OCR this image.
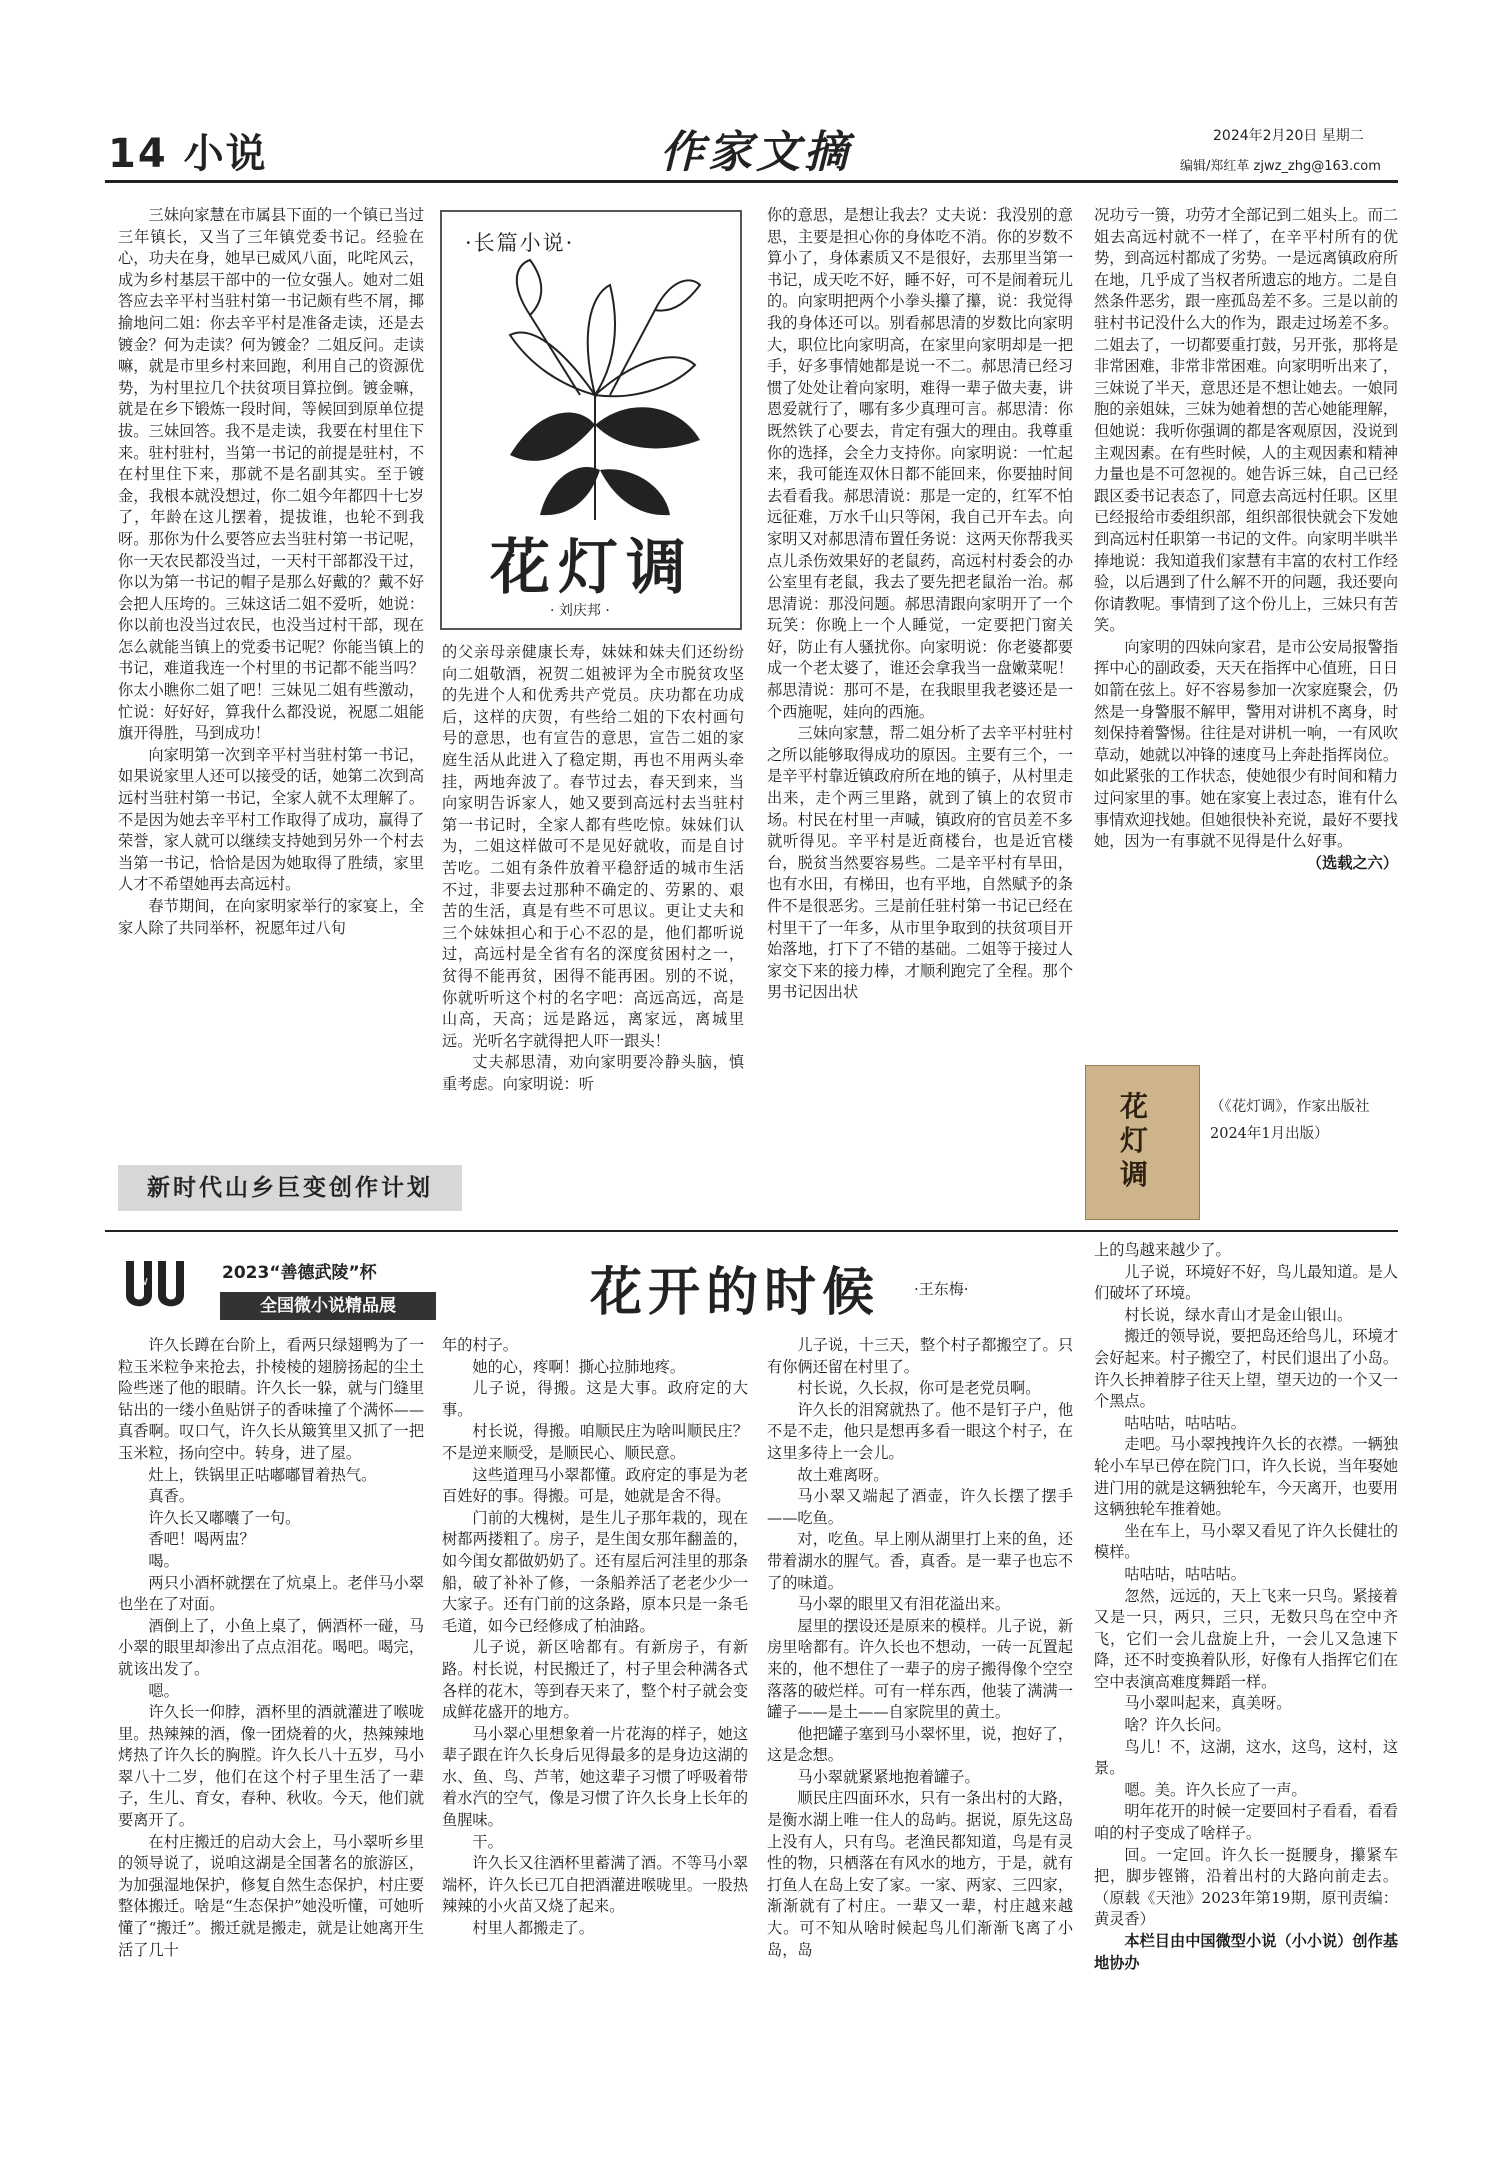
14 小说	作家文摘	2024年2月20日 星期二
编辑/郑红革 zjwz_zhg@163.com
·长篇小说·
花灯调
· 刘庆邦 ·

三妹向家慧在市属县下面的一个镇已当过三年镇长，又当了三年镇党委书记。经验在心，功夫在身，她早已威风八面，叱咤风云，成为乡村基层干部中的一位女强人。她对二姐答应去辛平村当驻村第一书记颇有些不屑，揶揄地问二姐：你去辛平村是准备走读，还是去镀金？何为走读？何为镀金？二姐反问。走读嘛，就是市里乡村来回跑，利用自己的资源优势，为村里拉几个扶贫项目算拉倒。镀金嘛，就是在乡下锻炼一段时间，等候回到原单位提拔。三妹回答。我不是走读，我要在村里住下来。驻村驻村，当第一书记的前提是驻村，不在村里住下来，那就不是名副其实。至于镀金，我根本就没想过，你二姐今年都四十七岁了，年龄在这儿摆着，提拔谁，也轮不到我呀。那你为什么要答应去当驻村第一书记呢，你一天农民都没当过，一天村干部都没干过，你以为第一书记的帽子是那么好戴的？戴不好会把人压垮的。三妹这话二姐不爱听，她说：你以前也没当过农民，也没当过村干部，现在怎么就能当镇上的党委书记呢？你能当镇上的书记，难道我连一个村里的书记都不能当吗？你太小瞧你二姐了吧！三妹见二姐有些激动，忙说：好好好，算我什么都没说，祝愿二姐能旗开得胜，马到成功！

向家明第一次到辛平村当驻村第一书记，如果说家里人还可以接受的话，她第二次到高远村当驻村第一书记，全家人就不太理解了。不是因为她去辛平村工作取得了成功，赢得了荣誉，家人就可以继续支持她到另外一个村去当第一书记，恰恰是因为她取得了胜绩，家里人才不希望她再去高远村。

春节期间，在向家明家举行的家宴上，全家人除了共同举杯，祝愿年过八旬

新时代山乡巨变创作计划

的父亲母亲健康长寿，妹妹和妹夫们还纷纷向二姐敬酒，祝贺二姐被评为全市脱贫攻坚的先进个人和优秀共产党员。庆功都在功成后，这样的庆贺，有些给二姐的下农村画句号的意思，也有宣告的意思，宣告二姐的家庭生活从此进入了稳定期，再也不用两头牵挂，两地奔波了。春节过去，春天到来，当向家明告诉家人，她又要到高远村去当驻村第一书记时，全家人都有些吃惊。妹妹们认为，二姐这样做可不是见好就收，而是自讨苦吃。二姐有条件放着平稳舒适的城市生活不过，非要去过那种不确定的、劳累的、艰苦的生活，真是有些不可思议。更让丈夫和三个妹妹担心和于心不忍的是，他们都听说过，高远村是全省有名的深度贫困村之一，贫得不能再贫，困得不能再困。别的不说，你就听听这个村的名字吧：高远高远，高是山高，天高；远是路远，离家远，离城里远。光听名字就得把人吓一跟头！

丈夫郝思清，劝向家明要冷静头脑，慎重考虑。向家明说：听

你的意思，是想让我去？丈夫说：我没别的意思，主要是担心你的身体吃不消。你的岁数不算小了，身体素质又不是很好，去那里当第一书记，成天吃不好，睡不好，可不是闹着玩儿的。向家明把两个小拳头攥了攥，说：我觉得我的身体还可以。别看郝思清的岁数比向家明大，职位比向家明高，在家里向家明却是一把手，好多事情她都是说一不二。郝思清已经习惯了处处让着向家明，难得一辈子做夫妻，讲恩爱就行了，哪有多少真理可言。郝思清：你既然铁了心要去，肯定有强大的理由。我尊重你的选择，会全力支持你。向家明说：一忙起来，我可能连双休日都不能回来，你要抽时间去看看我。郝思清说：那是一定的，红军不怕远征难，万水千山只等闲，我自己开车去。向家明又对郝思清布置任务说：这两天你帮我买点儿杀伤效果好的老鼠药，高远村村委会的办公室里有老鼠，我去了要先把老鼠治一治。郝思清说：那没问题。郝思清跟向家明开了一个玩笑：你晚上一个人睡觉，一定要把门窗关好，防止有人骚扰你。向家明说：你老婆都要成一个老太婆了，谁还会拿我当一盘嫩菜呢！郝思清说：那可不是，在我眼里我老婆还是一个西施呢，娃向的西施。

三妹向家慧，帮二姐分析了去辛平村驻村之所以能够取得成功的原因。主要有三个，一是辛平村靠近镇政府所在地的镇子，从村里走出来，走个两三里路，就到了镇上的农贸市场。村民在村里一声喊，镇政府的官员差不多就听得见。辛平村是近商楼台，也是近官楼台，脱贫当然要容易些。二是辛平村有旱田，也有水田，有梯田，也有平地，自然赋予的条件不是很恶劣。三是前任驻村第一书记已经在村里干了一年多，从市里争取到的扶贫项目开始落地，打下了不错的基础。二姐等于接过人家交下来的接力棒，才顺利跑完了全程。那个男书记因出状

况功亏一篑，功劳才全部记到二姐头上。而二姐去高远村就不一样了，在辛平村所有的优势，到高远村都成了劣势。一是远离镇政府所在地，几乎成了当权者所遗忘的地方。二是自然条件恶劣，跟一座孤岛差不多。三是以前的驻村书记没什么大的作为，跟走过场差不多。二姐去了，一切都要重打鼓，另开张，那将是非常困难，非常非常困难。向家明听出来了，三妹说了半天，意思还是不想让她去。一娘同胞的亲姐妹，三妹为她着想的苦心她能理解，但她说：我听你强调的都是客观原因，没说到主观因素。在有些时候，人的主观因素和精神力量也是不可忽视的。她告诉三妹，自己已经跟区委书记表态了，同意去高远村任职。区里已经报给市委组织部，组织部很快就会下发她到高远村任职第一书记的文件。向家明半哄半捧地说：我知道我们家慧有丰富的农村工作经验，以后遇到了什么解不开的问题，我还要向你请教呢。事情到了这个份儿上，三妹只有苦笑。

向家明的四妹向家君，是市公安局报警指挥中心的副政委，天天在指挥中心值班，日日如箭在弦上。好不容易参加一次家庭聚会，仍然是一身警服不解甲，警用对讲机不离身，时刻保持着警惕。往往是对讲机一响，一有风吹草动，她就以冲锋的速度马上奔赴指挥岗位。如此紧张的工作状态，使她很少有时间和精力过问家里的事。她在家宴上表过态，谁有什么事情欢迎找她。但她很快补充说，最好不要找她，因为一有事就不见得是什么好事。

（选载之六）

花灯调
（《花灯调》，作家出版社2024年1月出版）
W	2023“善德武陵”杯
全国微小说精品展	花开的时候 ·王东梅·

许久长蹲在台阶上，看两只绿翅鸭为了一粒玉米粒争来抢去，扑棱棱的翅膀扬起的尘土险些迷了他的眼睛。许久长一躲，就与门缝里钻出的一缕小鱼贴饼子的香味撞了个满怀——真香啊。叹口气，许久长从簸箕里又抓了一把玉米粒，扬向空中。转身，进了屋。

灶上，铁锅里正咕嘟嘟冒着热气。

真香。

许久长又嘟囔了一句。

香吧！喝两盅？

喝。

两只小酒杯就摆在了炕桌上。老伴马小翠也坐在了对面。

酒倒上了，小鱼上桌了，俩酒杯一碰，马小翠的眼里却渗出了点点泪花。喝吧。喝完，就该出发了。

嗯。

许久长一仰脖，酒杯里的酒就灌进了喉咙里。热辣辣的酒，像一团烧着的火，热辣辣地烤热了许久长的胸膛。许久长八十五岁，马小翠八十二岁，他们在这个村子里生活了一辈子，生儿、育女，春种、秋收。今天，他们就要离开了。

在村庄搬迁的启动大会上，马小翠听乡里的领导说了，说咱这湖是全国著名的旅游区，为加强湿地保护，修复自然生态保护，村庄要整体搬迁。啥是“生态保护”她没听懂，可她听懂了“搬迁”。搬迁就是搬走，就是让她离开生活了几十

年的村子。

她的心，疼啊！撕心拉肺地疼。

儿子说，得搬。这是大事。政府定的大事。

村长说，得搬。咱顺民庄为啥叫顺民庄？不是逆来顺受，是顺民心、顺民意。

这些道理马小翠都懂。政府定的事是为老百姓好的事。得搬。可是，她就是舍不得。

门前的大槐树，是生儿子那年栽的，现在树都两搂粗了。房子，是生闺女那年翻盖的，如今闺女都做奶奶了。还有屋后河洼里的那条船，破了补补了修，一条船养活了老老少少一大家子。还有门前的这条路，原本只是一条毛毛道，如今已经修成了柏油路。

儿子说，新区啥都有。有新房子，有新路。村长说，村民搬迁了，村子里会种满各式各样的花木，等到春天来了，整个村子就会变成鲜花盛开的地方。

马小翠心里想象着一片花海的样子，她这辈子跟在许久长身后见得最多的是身边这湖的水、鱼、鸟、芦苇，她这辈子习惯了呼吸着带着水汽的空气，像是习惯了许久长身上长年的鱼腥味。

干。

许久长又往酒杯里蓄满了酒。不等马小翠端杯，许久长已兀自把酒灌进喉咙里。一股热辣辣的小火苗又烧了起来。

村里人都搬走了。

儿子说，十三天，整个村子都搬空了。只有你俩还留在村里了。

村长说，久长叔，你可是老党员啊。

许久长的泪窝就热了。他不是钉子户，他不是不走，他只是想再多看一眼这个村子，在这里多待上一会儿。

故土难离呀。

马小翠又端起了酒壶，许久长摆了摆手——吃鱼。

对，吃鱼。早上刚从湖里打上来的鱼，还带着湖水的腥气。香，真香。是一辈子也忘不了的味道。

马小翠的眼里又有泪花溢出来。

屋里的摆设还是原来的模样。儿子说，新房里啥都有。许久长也不想动，一砖一瓦置起来的，他不想住了一辈子的房子搬得像个空空落落的破烂样。可有一样东西，他装了满满一罐子——是土——自家院里的黄土。

他把罐子塞到马小翠怀里，说，抱好了，这是念想。

马小翠就紧紧地抱着罐子。

顺民庄四面环水，只有一条出村的大路，是衡水湖上唯一住人的岛屿。据说，原先这岛上没有人，只有鸟。老渔民都知道，鸟是有灵性的物，只栖落在有风水的地方，于是，就有打鱼人在岛上安了家。一家、两家、三四家，渐渐就有了村庄。一辈又一辈，村庄越来越大。可不知从啥时候起鸟儿们渐渐飞离了小岛，岛

上的鸟越来越少了。

儿子说，环境好不好，鸟儿最知道。是人们破坏了环境。

村长说，绿水青山才是金山银山。

搬迁的领导说，要把岛还给鸟儿，环境才会好起来。村子搬空了，村民们退出了小岛。许久长抻着脖子往天上望，望天边的一个又一个黑点。

咕咕咕，咕咕咕。

走吧。马小翠拽拽许久长的衣襟。一辆独轮小车早已停在院门口，许久长说，当年娶她进门用的就是这辆独轮车，今天离开，也要用这辆独轮车推着她。

坐在车上，马小翠又看见了许久长健壮的模样。

咕咕咕，咕咕咕。

忽然，远远的，天上飞来一只鸟。紧接着又是一只，两只，三只，无数只鸟在空中齐飞，它们一会儿盘旋上升，一会儿又急速下降，还不时变换着队形，好像有人指挥它们在空中表演高难度舞蹈一样。

马小翠叫起来，真美呀。

啥？许久长问。

鸟儿！不，这湖，这水，这鸟，这村，这景。

嗯。美。许久长应了一声。

明年花开的时候一定要回村子看看，看看咱的村子变成了啥样子。

回。一定回。许久长一挺腰身，攥紧车把，脚步铿锵，沿着出村的大路向前走去。（原载《天池》2023年第19期，原刊责编：黄灵香）

本栏目由中国微型小说（小小说）创作基地协办
